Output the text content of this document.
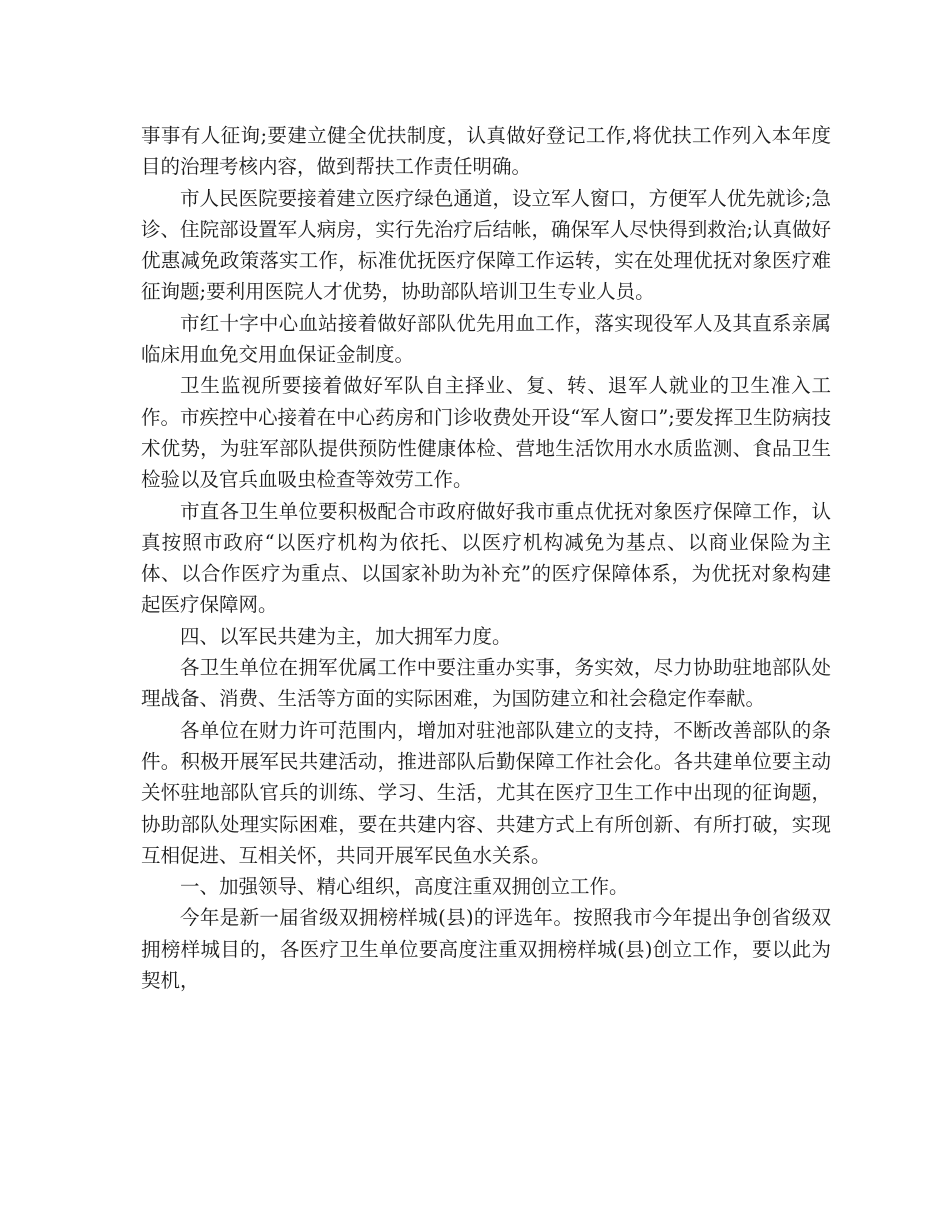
事事有人征询;要建立健全优扶制度，认真做好登记工作,将优扶工作列入本年度目的治理考核内容，做到帮扶工作责任明确。

市人民医院要接着建立医疗绿色通道，设立军人窗口，方便军人优先就诊;急诊、住院部设置军人病房，实行先治疗后结帐，确保军人尽快得到救治;认真做好优惠减免政策落实工作，标准优抚医疗保障工作运转，实在处理优抚对象医疗难征询题;要利用医院人才优势，协助部队培训卫生专业人员。

市红十字中心血站接着做好部队优先用血工作，落实现役军人及其直系亲属临床用血免交用血保证金制度。

卫生监视所要接着做好军队自主择业、复、转、退军人就业的卫生准入工作。市疾控中心接着在中心药房和门诊收费处开设“军人窗口”;要发挥卫生防病技术优势，为驻军部队提供预防性健康体检、营地生活饮用水水质监测、食品卫生检验以及官兵血吸虫检查等效劳工作。

市直各卫生单位要积极配合市政府做好我市重点优抚对象医疗保障工作，认真按照市政府“以医疗机构为依托、以医疗机构减免为基点、以商业保险为主体、以合作医疗为重点、以国家补助为补充”的医疗保障体系，为优抚对象构建起医疗保障网。

四、以军民共建为主，加大拥军力度。

各卫生单位在拥军优属工作中要注重办实事，务实效，尽力协助驻地部队处理战备、消费、生活等方面的实际困难，为国防建立和社会稳定作奉献。

各单位在财力许可范围内，增加对驻池部队建立的支持，不断改善部队的条件。积极开展军民共建活动，推进部队后勤保障工作社会化。各共建单位要主动关怀驻地部队官兵的训练、学习、生活，尤其在医疗卫生工作中出现的征询题，协助部队处理实际困难，要在共建内容、共建方式上有所创新、有所打破，实现互相促进、互相关怀，共同开展军民鱼水关系。

一、加强领导、精心组织，高度注重双拥创立工作。

今年是新一届省级双拥榜样城(县)的评选年。按照我市今年提出争创省级双拥榜样城目的，各医疗卫生单位要高度注重双拥榜样城(县)创立工作，要以此为契机，
